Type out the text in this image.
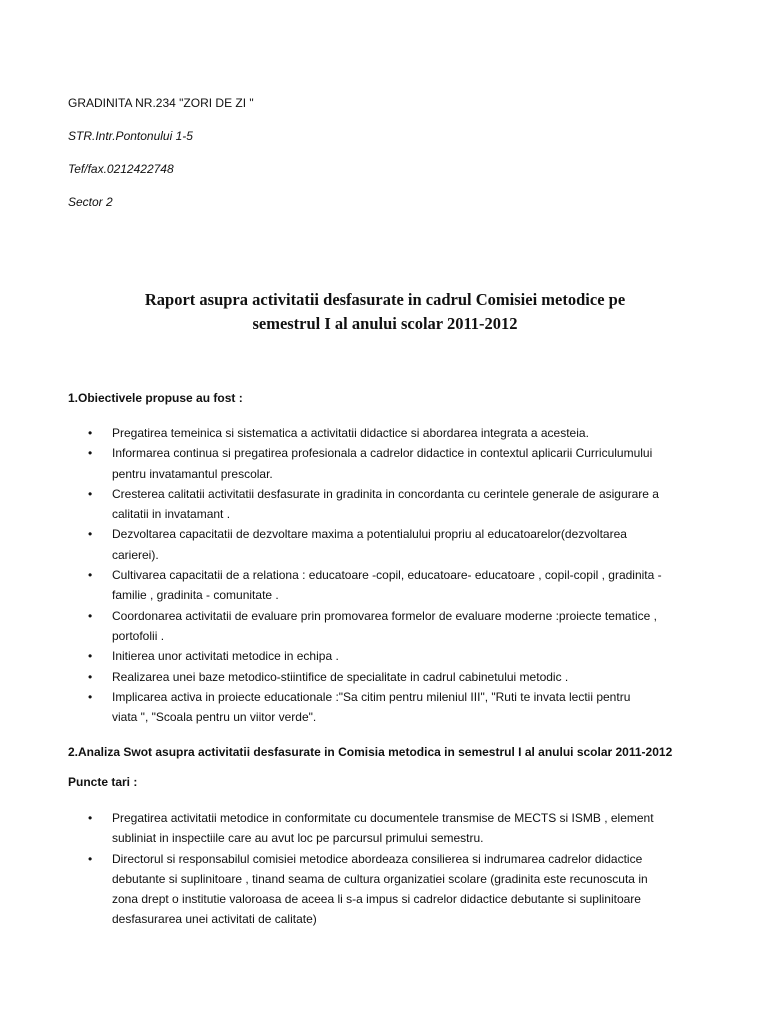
GRADINITA NR.234 "ZORI DE ZI "
STR.Intr.Pontonului 1-5
Tef/fax.0212422748
Sector 2
Raport asupra activitatii desfasurate in cadrul Comisiei metodice pe
semestrul I al anului scolar 2011-2012
1.Obiectivele propuse au fost :
• Pregatirea temeinica si sistematica a activitatii didactice si abordarea integrata a acesteia.
• Informarea continua si pregatirea profesionala a cadrelor didactice in contextul aplicarii Curriculumului
pentru invatamantul prescolar.
• Cresterea calitatii activitatii desfasurate in gradinita in concordanta cu cerintele generale de asigurare a
calitatii in invatamant .
• Dezvoltarea capacitatii de dezvoltare maxima a potentialului propriu al educatoarelor(dezvoltarea
carierei).
• Cultivarea capacitatii de a relationa : educatoare -copil, educatoare- educatoare , copil-copil , gradinita -
familie , gradinita - comunitate .
• Coordonarea activitatii de evaluare prin promovarea formelor de evaluare moderne :proiecte tematice ,
portofolii .
• Initierea unor activitati metodice in echipa .
• Realizarea unei baze metodico-stiintifice de specialitate in cadrul cabinetului metodic .
• Implicarea activa in proiecte educationale :"Sa citim pentru mileniul III", "Ruti te invata lectii pentru
viata ", "Scoala pentru un viitor verde".
2.Analiza Swot asupra activitatii desfasurate in Comisia metodica in semestrul I al anului scolar 2011-2012
Puncte tari :
• Pregatirea activitatii metodice in conformitate cu documentele transmise de MECTS si ISMB , element
subliniat in inspectiile care au avut loc pe parcursul primului semestru.
• Directorul si responsabilul comisiei metodice abordeaza consilierea si indrumarea cadrelor didactice
debutante si suplinitoare , tinand seama de cultura organizatiei scolare (gradinita este recunoscuta in
zona drept o institutie valoroasa de aceea li s-a impus si cadrelor didactice debutante si suplinitoare
desfasurarea unei activitati de calitate)
